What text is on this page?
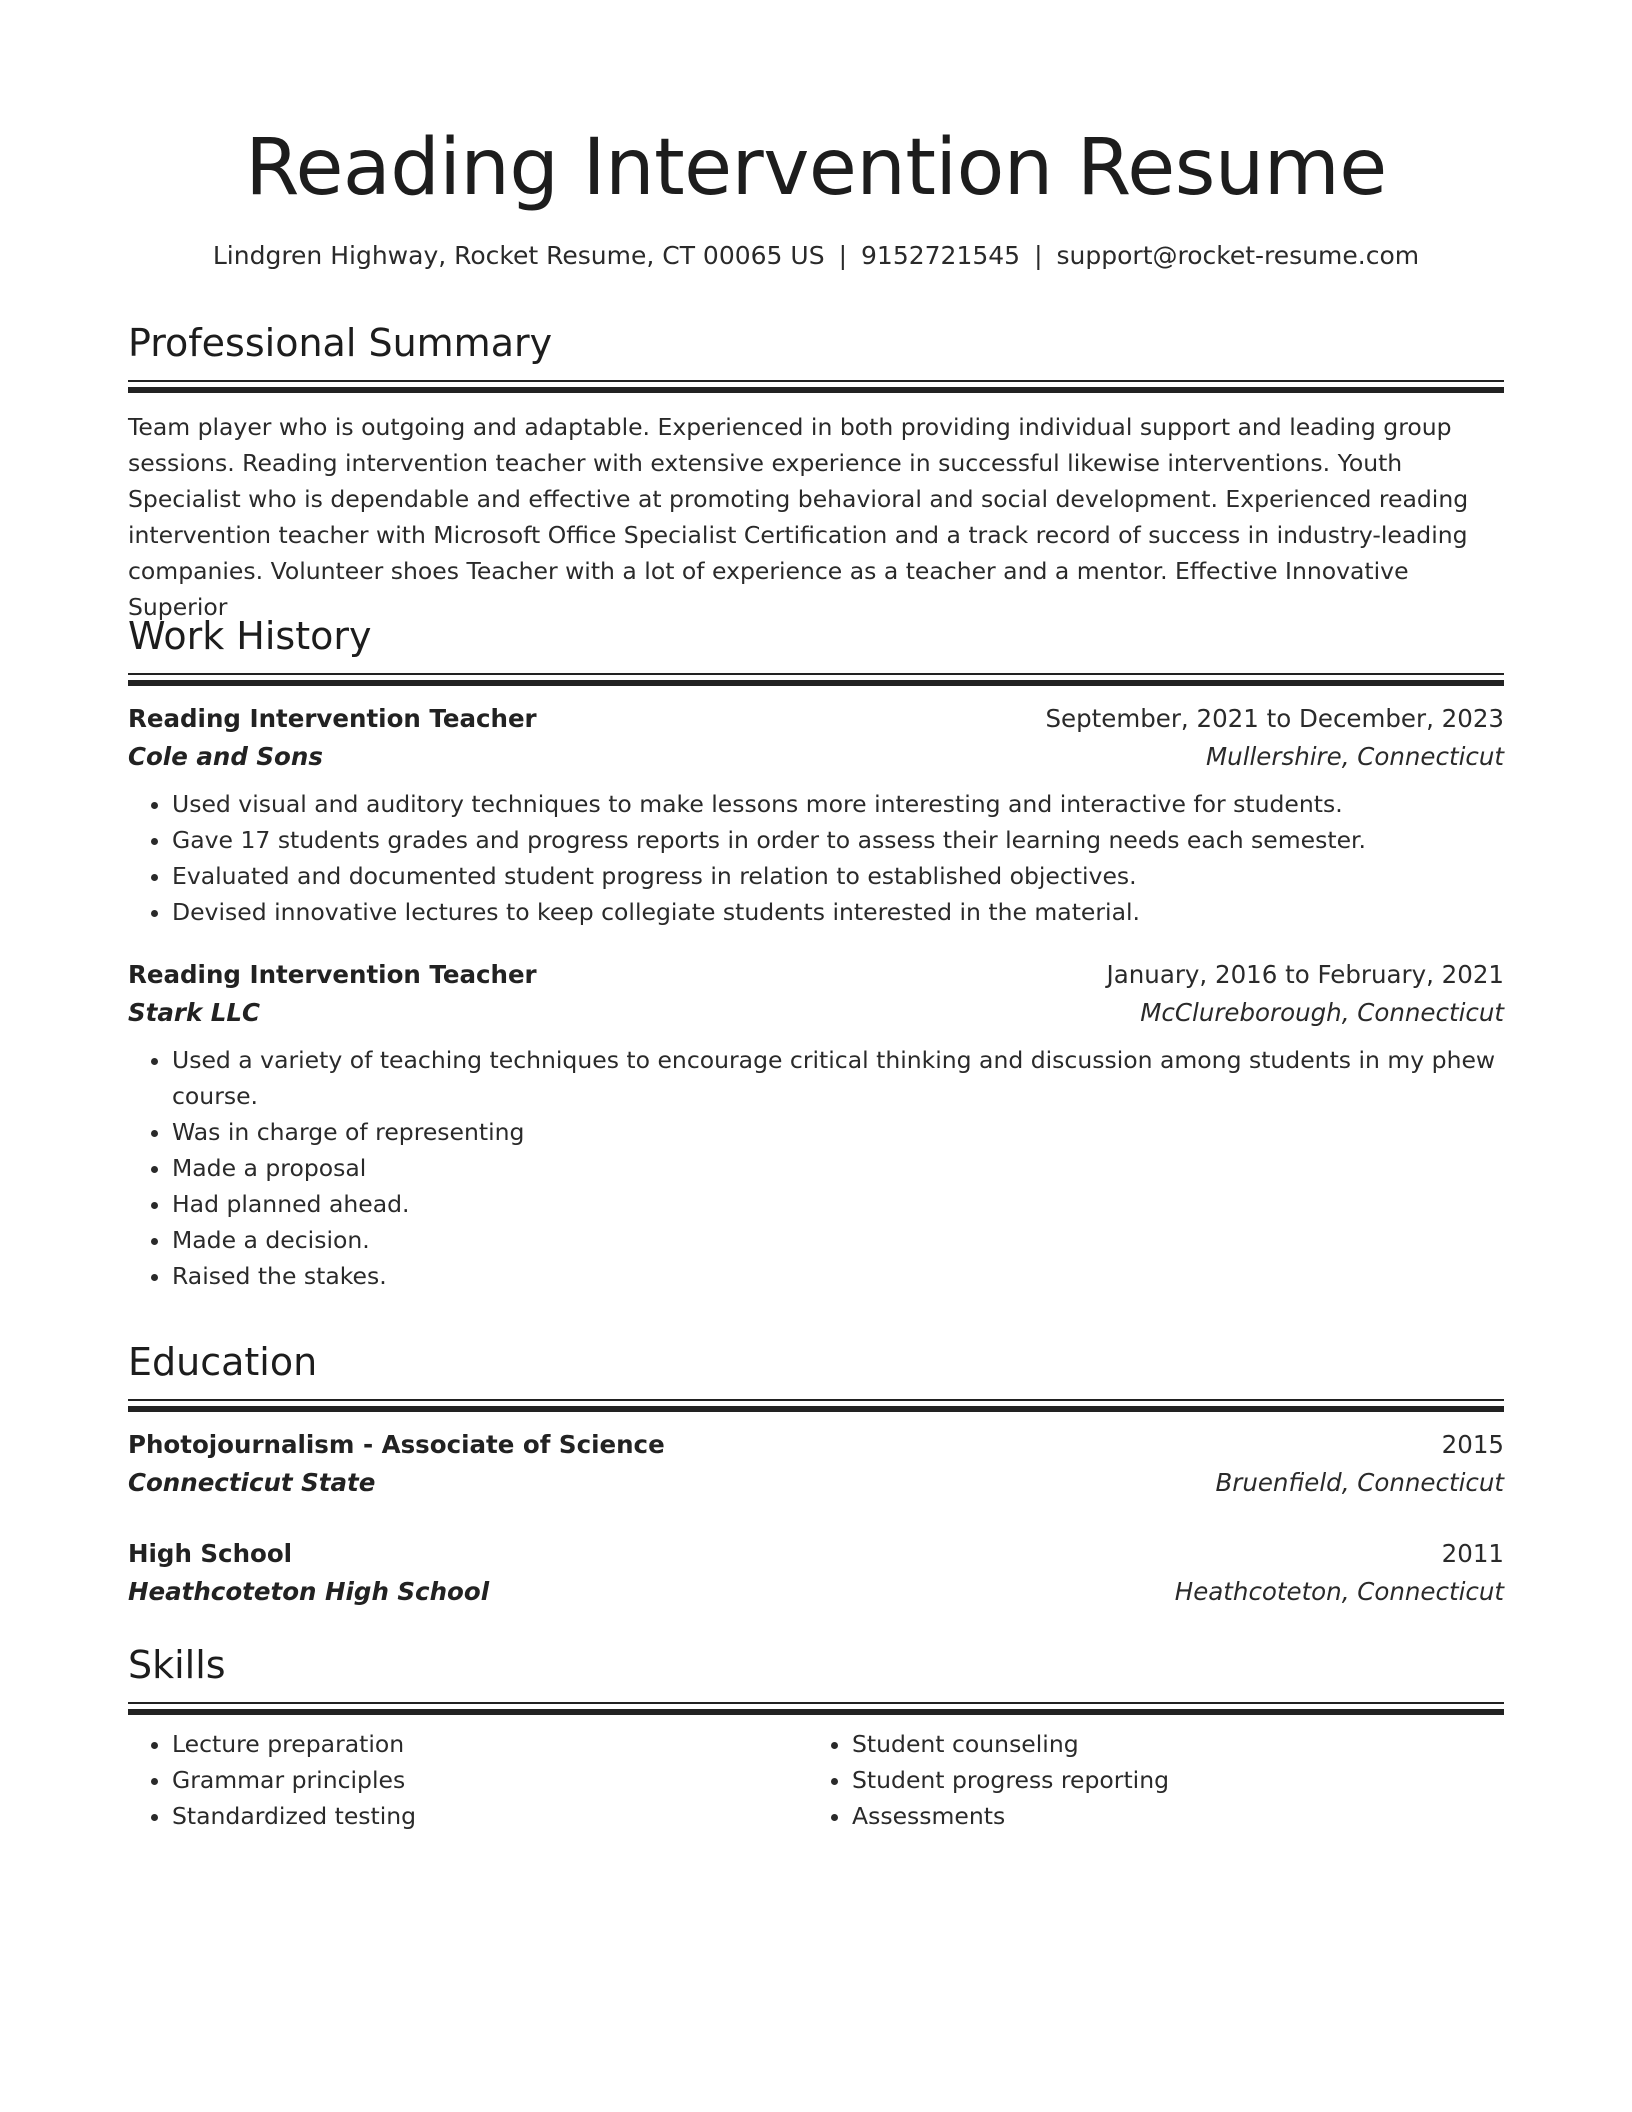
Reading Intervention Resume
Lindgren Highway, Rocket Resume, CT 00065 US | 9152721545 | support@rocket-resume.com
Professional Summary

Team player who is outgoing and adaptable. Experienced in both providing individual support and leading group sessions. Reading intervention teacher with extensive experience in successful likewise interventions. Youth Specialist who is dependable and effective at promoting behavioral and social development. Experienced reading intervention teacher with Microsoft Office Specialist Certification and a track record of success in industry-leading companies. Volunteer shoes Teacher with a lot of experience as a teacher and a mentor. Effective Innovative Superior

Work History
Reading Intervention Teacher	September, 2021 to December, 2023
Cole and Sons	Mullershire, Connecticut
• Used visual and auditory techniques to make lessons more interesting and interactive for students.
• Gave 17 students grades and progress reports in order to assess their learning needs each semester.
• Evaluated and documented student progress in relation to established objectives.
• Devised innovative lectures to keep collegiate students interested in the material.
Reading Intervention Teacher	January, 2016 to February, 2021
Stark LLC	McClureborough, Connecticut
• Used a variety of teaching techniques to encourage critical thinking and discussion among students in my phew course.
• Was in charge of representing
• Made a proposal
• Had planned ahead.
• Made a decision.
• Raised the stakes.
Education
Photojournalism - Associate of Science	2015
Connecticut State	Bruenfield, Connecticut
High School	2011
Heathcoteton High School	Heathcoteton, Connecticut
Skills
• Lecture preparation
• Grammar principles
• Standardized testing
• Student counseling
• Student progress reporting
• Assessments
